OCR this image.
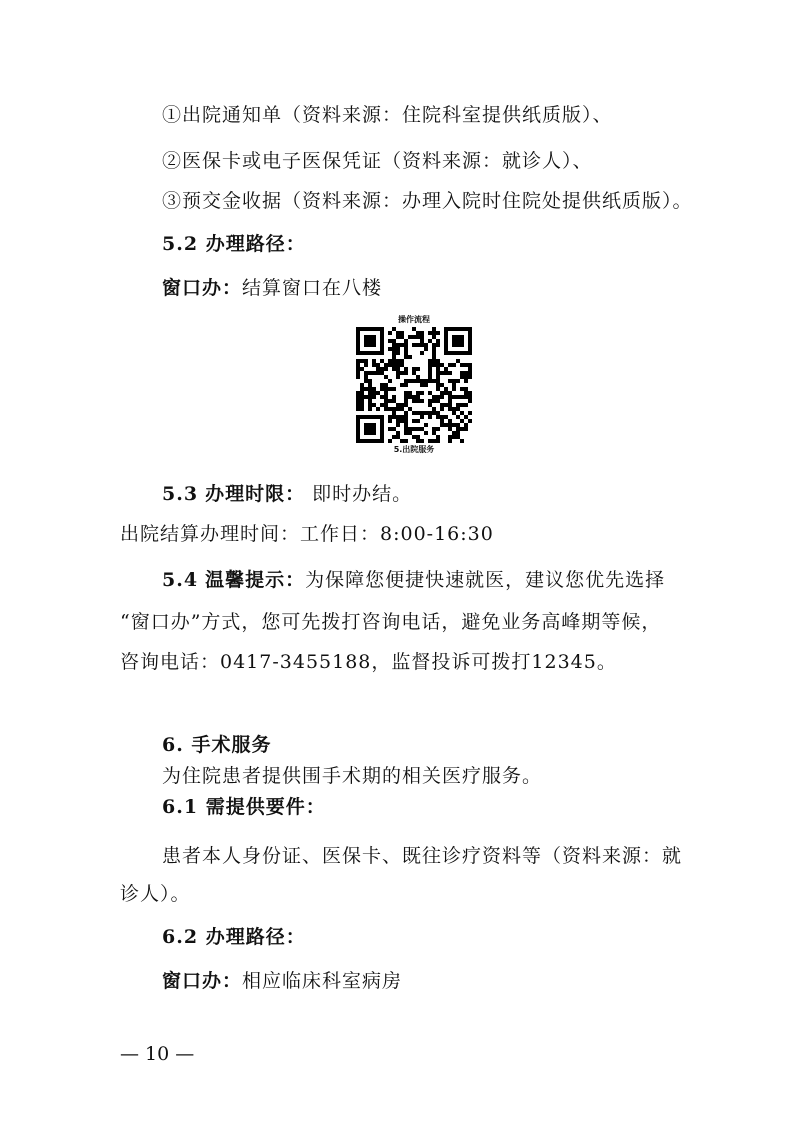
①出院通知单（资料来源：住院科室提供纸质版）、
②医保卡或电子医保凭证（资料来源：就诊人）、
③预交金收据（资料来源：办理入院时住院处提供纸质版）。
5.2 办理路径：
窗口办：结算窗口在八楼
操作流程
5.出院服务
5.3 办理时限： 即时办结。
出院结算办理时间：工作日：8:00-16:30
5.4 温馨提示：为保障您便捷快速就医，建议您优先选择
“窗口办”方式，您可先拨打咨询电话，避免业务高峰期等候，
咨询电话：0417-3455188，监督投诉可拨打12345。
6. 手术服务
为住院患者提供围手术期的相关医疗服务。
6.1 需提供要件：
患者本人身份证、医保卡、既往诊疗资料等（资料来源：就
诊人）。
6.2 办理路径：
窗口办：相应临床科室病房
— 10 —
